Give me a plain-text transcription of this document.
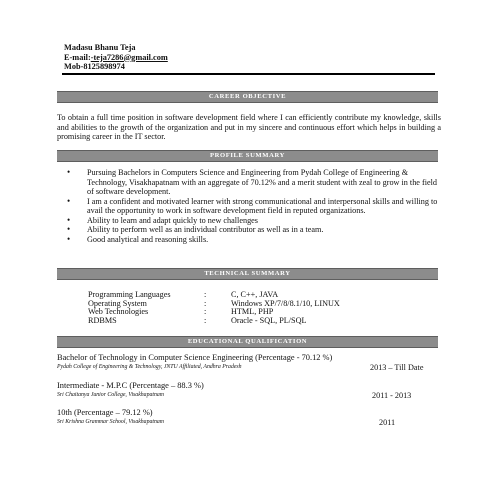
Madasu Bhanu Teja
E-mail:-teja7286@gmail.com
Mob-8125898974
CAREER OBJECTIVE
To obtain a full time position in software development field where I can efficiently contribute my knowledge, skills and abilities to the growth of the organization and put in my sincere and continuous effort which helps in building a promising career in the IT sector.
PROFILE SUMMARY
• Pursuing Bachelors in Computers Science and Engineering from Pydah College of Engineering & Technology, Visakhapatnam with an aggregate of 70.12% and a merit student with zeal to grow in the field of software development.
• I am a confident and motivated learner with strong communicational and interpersonal skills and willing to avail the opportunity to work in software development field in reputed organizations.
• Ability to learn and adapt quickly to new challenges
• Ability to perform well as an individual contributor as well as in a team.
• Good analytical and reasoning skills.
TECHNICAL SUMMARY
Programming Languages	:	C, C++, JAVA
Operating System	:	Windows XP/7/8/8.1/10, LINUX
Web Technologies	:	HTML, PHP
RDBMS	:	Oracle - SQL, PL/SQL
EDUCATIONAL QUALIFICATION
Bachelor of Technology in Computer Science Engineering (Percentage - 70.12 %)
Pydah College of Engineering & Technology, JNTU Affiliated, Andhra Pradesh	2013 – Till Date
Intermediate - M.P.C (Percentage – 88.3 %)
Sri Chaitanya Junior College, Visakhapatnam	2011 - 2013
10th (Percentage – 79.12 %)
Sri Krishna Grammar School, Visakhapatnam	2011
